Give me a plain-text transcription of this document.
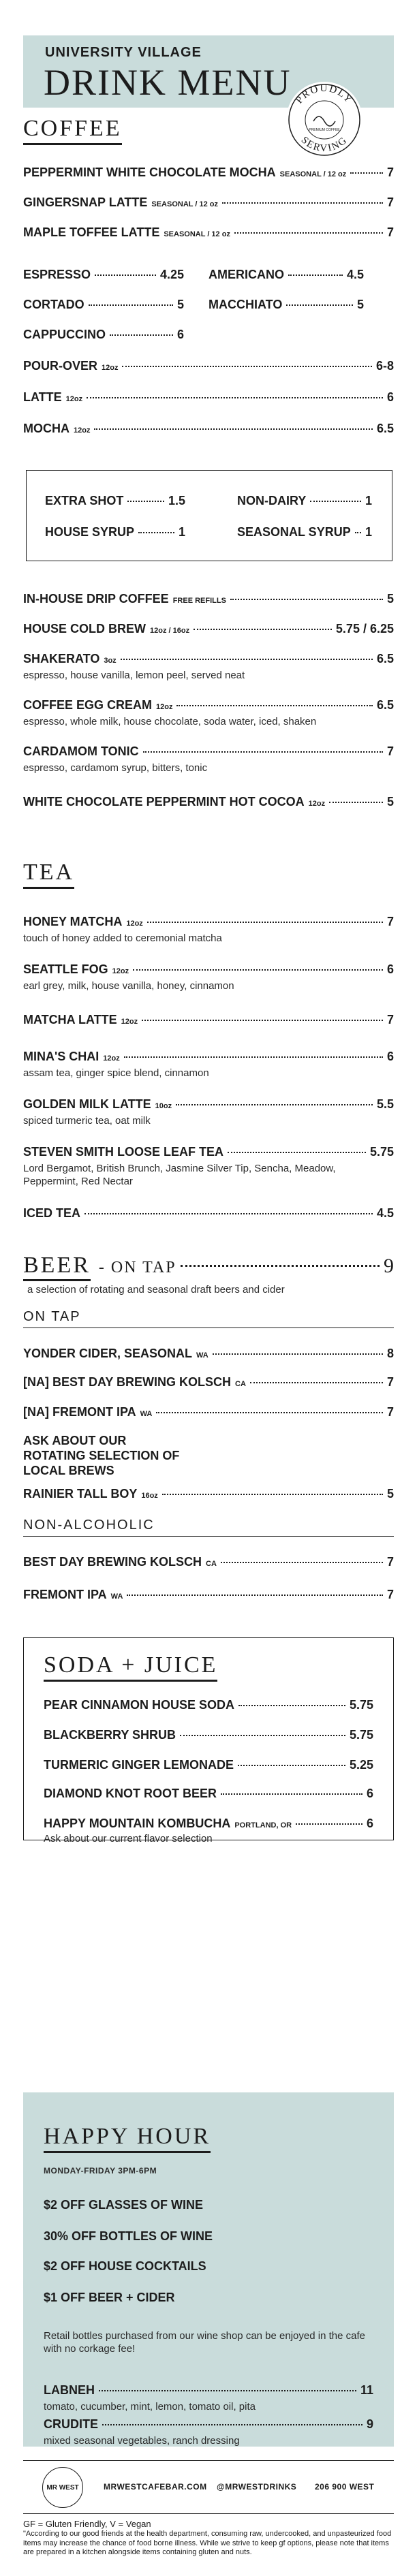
UNIVERSITY VILLAGE
DRINK MENU PROUDLY
SERVING
PREMIUM COFFEE
COFFEE
PEPPERMINT WHITE CHOCOLATE MOCHA SEASONAL / 12 oz	7
GINGERSNAP LATTE SEASONAL / 12 oz	7
MAPLE TOFFEE LATTE SEASONAL / 12 oz	7
ESPRESSO	4.25 AMERICANO	4.5
CORTADO	5 MACCHIATO	5
CAPPUCCINO	6
POUR-OVER 12oz	6-8
LATTE 12oz	6
MOCHA 12oz	6.5
EXTRA SHOT	1.5	NON-DAIRY	1
HOUSE SYRUP	1	SEASONAL SYRUP 1
IN-HOUSE DRIP COFFEE FREE REFILLS	5
HOUSE COLD BREW 12oz / 16oz	5.75 / 6.25
SHAKERATO 3oz	6.5
espresso, house vanilla, lemon peel, served neat
COFFEE EGG CREAM 12oz	6.5
espresso, whole milk, house chocolate, soda water, iced, shaken
CARDAMOM TONIC	7
espresso, cardamom syrup, bitters, tonic
WHITE CHOCOLATE PEPPERMINT HOT COCOA 12oz	5
TEA
HONEY MATCHA 12oz	7
touch of honey added to ceremonial matcha
SEATTLE FOG 12oz	6
earl grey, milk, house vanilla, honey, cinnamon
MATCHA LATTE 12oz	7
MINA'S CHAI 12oz	6
assam tea, ginger spice blend, cinnamon
GOLDEN MILK LATTE 10oz	5.5
spiced turmeric tea, oat milk
STEVEN SMITH LOOSE LEAF TEA	5.75
Lord Bergamot, British Brunch, Jasmine Silver Tip, Sencha, Meadow, Peppermint, Red Nectar
ICED TEA	4.5
BEER - ON TAP	9
a selection of rotating and seasonal draft beers and cider
ON TAP
YONDER CIDER, SEASONAL WA	8
[NA] BEST DAY BREWING KOLSCH CA	7
[NA] FREMONT IPA WA	7
ASK ABOUT OUR ROTATING SELECTION OF LOCAL BREWS
RAINIER TALL BOY 16oz	5
NON-ALCOHOLIC
BEST DAY BREWING KOLSCH CA	7
FREMONT IPA WA	7
SODA + JUICE
PEAR CINNAMON HOUSE SODA	5.75
BLACKBERRY SHRUB	5.75
TURMERIC GINGER LEMONADE	5.25
DIAMOND KNOT ROOT BEER	6
HAPPY MOUNTAIN KOMBUCHA PORTLAND, OR	6
Ask about our current flavor selection
HAPPY HOUR
MONDAY-FRIDAY 3PM-6PM
$2 OFF GLASSES OF WINE
30% OFF BOTTLES OF WINE
$2 OFF HOUSE COCKTAILS
$1 OFF BEER + CIDER
Retail bottles purchased from our wine shop can be enjoyed in the cafe with no corkage fee!
LABNEH	11
tomato, cucumber, mint, lemon, tomato oil, pita
CRUDITE	9
mixed seasonal vegetables, ranch dressing
MR WEST	MRWESTCAFEBAR.COM @MRWESTDRINKS 206 900 WEST
GF = Gluten Friendly, V = Vegan
"According to our good friends at the health department, consuming raw, undercooked, and unpasteurized food items may increase the chance of food borne illness. While we strive to keep gf options, please note that items are prepared in a kitchen alongside items containing gluten and nuts.
